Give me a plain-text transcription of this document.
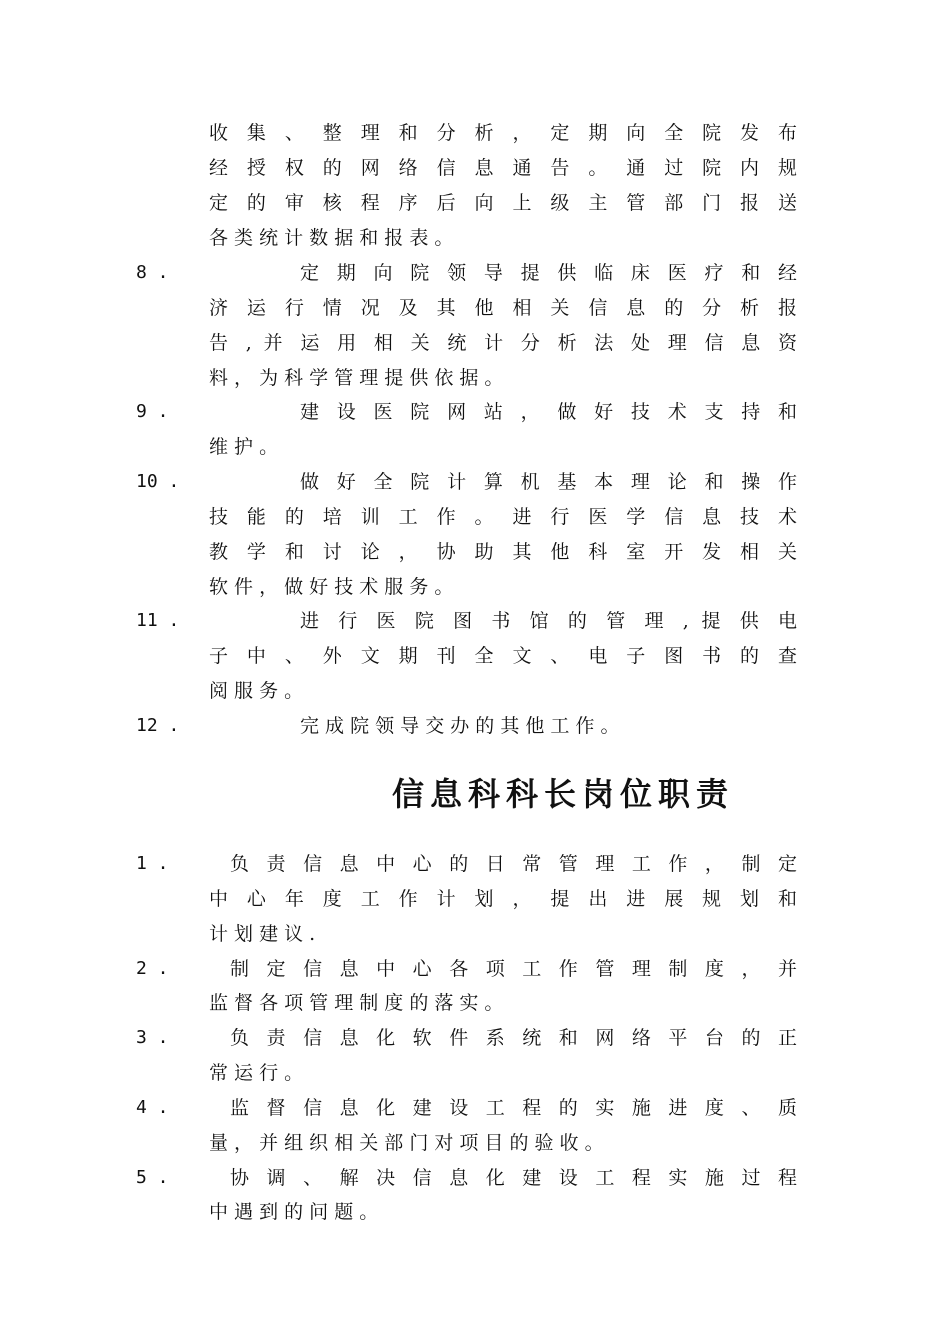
收 集 、 整 理 和 分 析 ， 定 期 向 全 院 发 布
经 授 权 的 网 络 信 息 通 告 。 通 过 院 内 规
定 的 审 核 程 序 后 向 上 级 主 管 部 门 报 送
各 类 统 计 数 据 和 报 表 。
8 .	定 期 向 院 领 导 提 供 临 床 医 疗 和 经
济 运 行 情 况 及 其 他 相 关 信 息 的 分 析 报
告 , 并 运 用 相 关 统 计 分 析 法 处 理 信 息 资
料 ， 为 科 学 管 理 提 供 依 据 。
9 .	建 设 医 院 网 站 ， 做 好 技 术 支 持 和
维 护 。
10 .	做 好 全 院 计 算 机 基 本 理 论 和 操 作
技 能 的 培 训 工 作 。 进 行 医 学 信 息 技 术
教 学 和 讨 论 ， 协 助 其 他 科 室 开 发 相 关
软 件 ， 做 好 技 术 服 务 。
11 .	进 行 医 院 图 书 馆 的 管 理 , 提 供 电
子 中 、 外 文 期 刊 全 文 、 电 子 图 书 的 查
阅 服 务 。
12 .	完 成 院 领 导 交 办 的 其 他 工 作 。
信息科科长岗位职责
1 .	负 责 信 息 中 心 的 日 常 管 理 工 作 ， 制 定
中 心 年 度 工 作 计 划 ， 提 出 进 展 规 划 和
计 划 建 议 .
2 .	制 定 信 息 中 心 各 项 工 作 管 理 制 度 ， 并
监 督 各 项 管 理 制 度 的 落 实 。
3 .	负 责 信 息 化 软 件 系 统 和 网 络 平 台 的 正
常 运 行 。
4 .	监 督 信 息 化 建 设 工 程 的 实 施 进 度 、 质
量 ， 并 组 织 相 关 部 门 对 项 目 的 验 收 。
5 .	协 调 、 解 决 信 息 化 建 设 工 程 实 施 过 程
中 遇 到 的 问 题 。
